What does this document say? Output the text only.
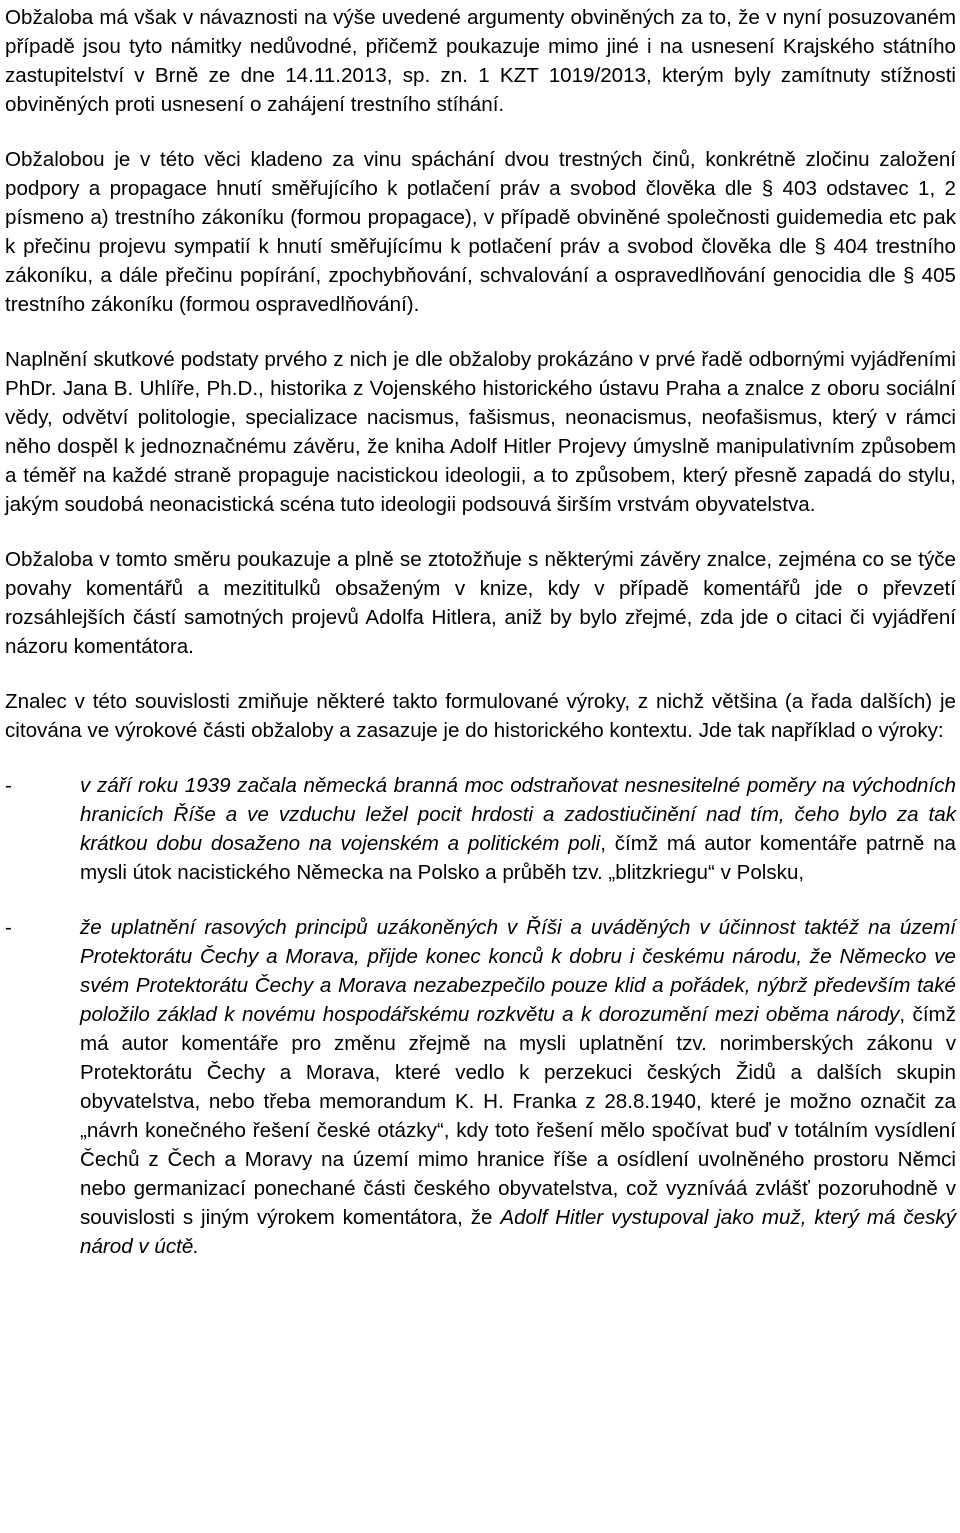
Obžaloba má však v návaznosti na výše uvedené argumenty obviněných za to, že v nyní posuzovaném případě jsou tyto námitky nedůvodné, přičemž poukazuje mimo jiné i na usnesení Krajského státního zastupitelství v Brně ze dne 14.11.2013, sp. zn. 1 KZT 1019/2013, kterým byly zamítnuty stížnosti obviněných proti usnesení o zahájení trestního stíhání.

Obžalobou je v této věci kladeno za vinu spáchání dvou trestných činů, konkrétně zločinu založení podpory a propagace hnutí směřujícího k potlačení práv a svobod člověka dle § 403 odstavec 1, 2 písmeno a) trestního zákoníku (formou propagace), v případě obviněné společnosti guidemedia etc pak k přečinu projevu sympatií k hnutí směřujícímu k potlačení práv a svobod člověka dle § 404 trestního zákoníku, a dále přečinu popírání, zpochybňování, schvalování a ospravedlňování genocidia dle § 405 trestního zákoníku (formou ospravedlňování).

Naplnění skutkové podstaty prvého z nich je dle obžaloby prokázáno v prvé řadě odbornými vyjádřeními PhDr. Jana B. Uhlíře, Ph.D., historika z Vojenského historického ústavu Praha a znalce z oboru sociální vědy, odvětví politologie, specializace nacismus, fašismus, neonacismus, neofašismus, který v rámci něho dospěl k jednoznačnému závěru, že kniha Adolf Hitler Projevy úmyslně manipulativním způsobem a téměř na každé straně propaguje nacistickou ideologii, a to způsobem, který přesně zapadá do stylu, jakým soudobá neonacistická scéna tuto ideologii podsouvá širším vrstvám obyvatelstva.

Obžaloba v tomto směru poukazuje a plně se ztotožňuje s některými závěry znalce, zejména co se týče povahy komentářů a mezititulků obsaženým v knize, kdy v případě komentářů jde o převzetí rozsáhlejších částí samotných projevů Adolfa Hitlera, aniž by bylo zřejmé, zda jde o citaci či vyjádření názoru komentátora.

Znalec v této souvislosti zmiňuje některé takto formulované výroky, z nichž většina (a řada dalších) je citována ve výrokové části obžaloby a zasazuje je do historického kontextu. Jde tak například o výroky:

-	v září roku 1939 začala německá branná moc odstraňovat nesnesitelné poměry na východních hranicích Říše a ve vzduchu ležel pocit hrdosti a zadostiučinění nad tím, čeho bylo za tak krátkou dobu dosaženo na vojenském a politickém poli, čímž má autor komentáře patrně na mysli útok nacistického Německa na Polsko a průběh tzv. „blitzkriegu“ v Polsku,

-	že uplatnění rasových principů uzákoněných v Říši a uváděných v účinnost taktéž na území Protektorátu Čechy a Morava, přijde konec konců k dobru i českému národu, že Německo ve svém Protektorátu Čechy a Morava nezabezpečilo pouze klid a pořádek, nýbrž především také položilo základ k novému hospodářskému rozkvětu a k dorozumění mezi oběma národy, čímž má autor komentáře pro změnu zřejmě na mysli uplatnění tzv. norimberských zákonu v Protektorátu Čechy a Morava, které vedlo k perzekuci českých Židů a dalších skupin obyvatelstva, nebo třeba memorandum K. H. Franka z 28.8.1940, které je možno označit za „návrh konečného řešení české otázky“, kdy toto řešení mělo spočívat buď v totálním vysídlení Čechů z Čech a Moravy na území mimo hranice říše a osídlení uvolněného prostoru Němci nebo germanizací ponechané části českého obyvatelstva, což vyzníváá zvlášť pozoruhodně v souvislosti s jiným výrokem komentátora, že Adolf Hitler vystupoval jako muž, který má český národ v úctě.
